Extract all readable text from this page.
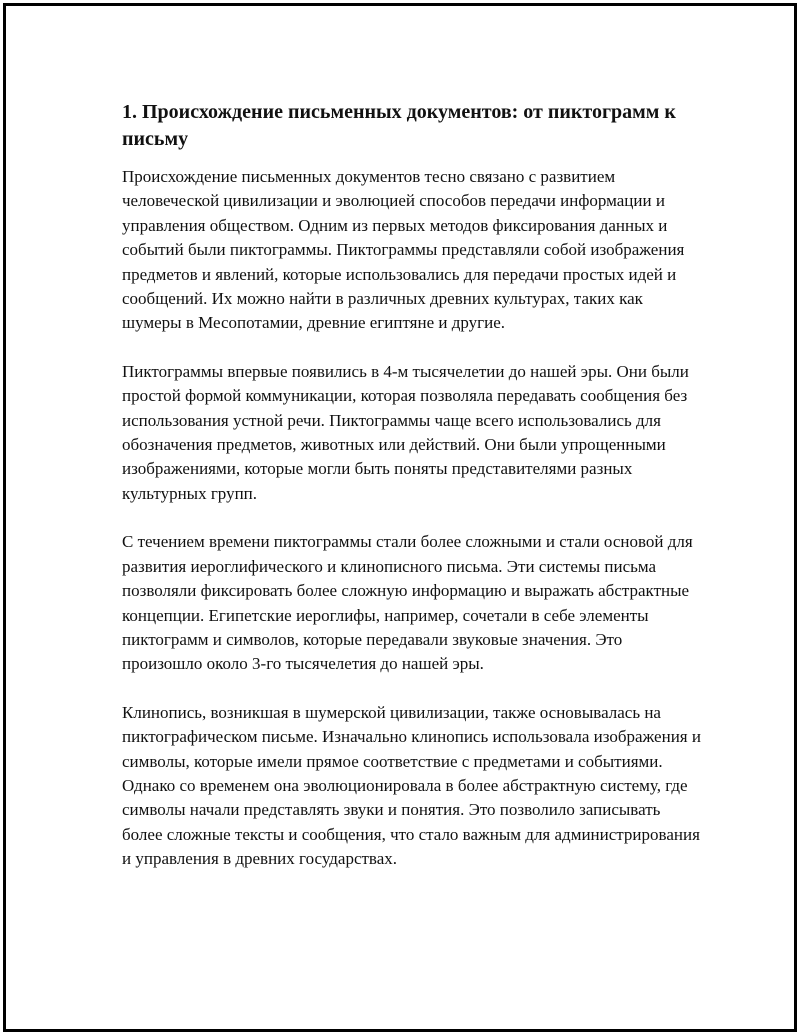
1. Происхождение письменных документов: от пиктограмм к письму

Происхождение письменных документов тесно связано с развитием человеческой цивилизации и эволюцией способов передачи информации и управления обществом. Одним из первых методов фиксирования данных и событий были пиктограммы. Пиктограммы представляли собой изображения предметов и явлений, которые использовались для передачи простых идей и сообщений. Их можно найти в различных древних культурах, таких как шумеры в Месопотамии, древние египтяне и другие.

Пиктограммы впервые появились в 4-м тысячелетии до нашей эры. Они были простой формой коммуникации, которая позволяла передавать сообщения без использования устной речи. Пиктограммы чаще всего использовались для обозначения предметов, животных или действий. Они были упрощенными изображениями, которые могли быть поняты представителями разных культурных групп.

С течением времени пиктограммы стали более сложными и стали основой для развития иероглифического и клинописного письма. Эти системы письма позволяли фиксировать более сложную информацию и выражать абстрактные концепции. Египетские иероглифы, например, сочетали в себе элементы пиктограмм и символов, которые передавали звуковые значения. Это произошло около 3-го тысячелетия до нашей эры.

Клинопись, возникшая в шумерской цивилизации, также основывалась на пиктографическом письме. Изначально клинопись использовала изображения и символы, которые имели прямое соответствие с предметами и событиями. Однако со временем она эволюционировала в более абстрактную систему, где символы начали представлять звуки и понятия. Это позволило записывать более сложные тексты и сообщения, что стало важным для администрирования и управления в древних государствах.
